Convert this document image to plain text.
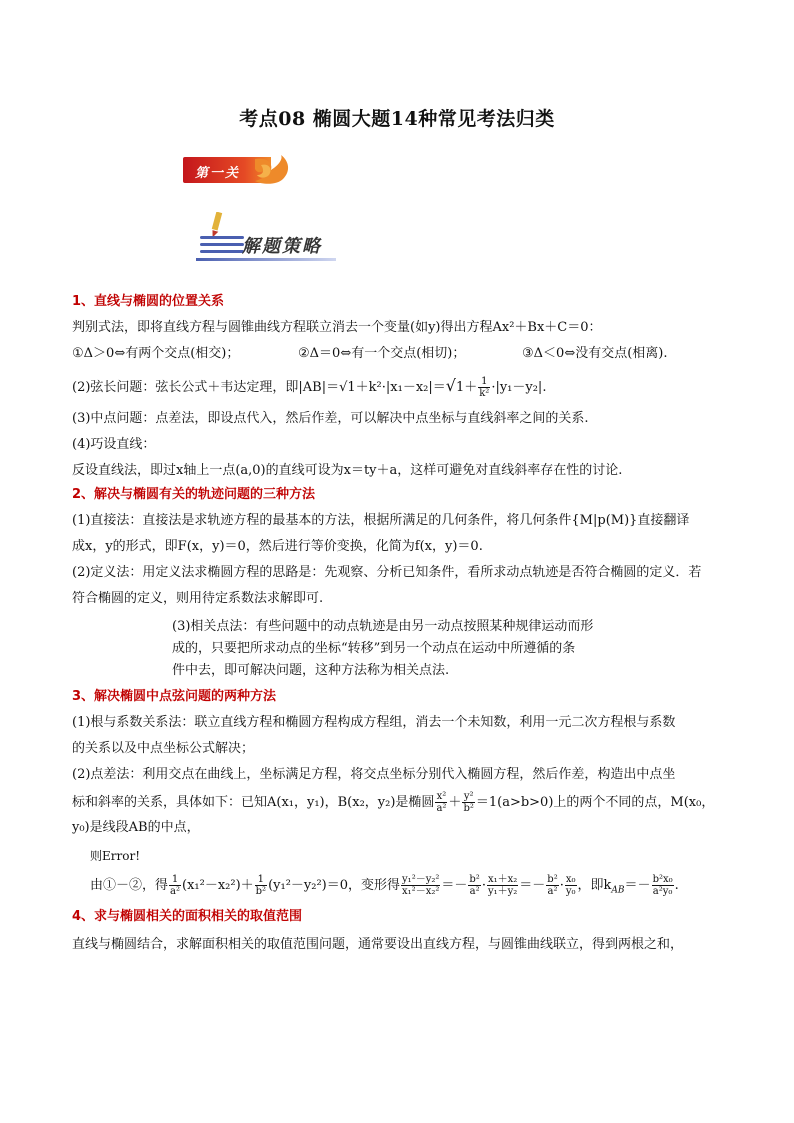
考点08 椭圆大题14种常见考法归类
第一关
解题策略

1、直线与椭圆的位置关系

判别式法，即将直线方程与圆锥曲线方程联立消去一个变量(如y)得出方程Ax²＋Bx＋C＝0：

①Δ＞0⇔有两个交点(相交)；	②Δ＝0⇔有一个交点(相切)；	③Δ＜0⇔没有交点(相离).

(2)弦长问题：弦长公式＋韦达定理，即$|AB|=√1+k^2\cdot|x_1-x_2|=√1+ \frac{1}{\text{k²}} \cdot|y_1-y_2|$.

(3)中点问题：点差法，即设点代入，然后作差，可以解决中点坐标与直线斜率之间的关系.

(4)巧设直线：

反设直线法，即过x轴上一点(a,0)的直线可设为x＝ty＋a，这样可避免对直线斜率存在性的讨论.

2、解决与椭圆有关的轨迹问题的三种方法

(1)直接法：直接法是求轨迹方程的最基本的方法，根据所满足的几何条件，将几何条件{M|p(M)}直接翻译

成x，y的形式，即F(x，y)＝0，然后进行等价变换，化简为f(x，y)＝0.

(2)定义法：用定义法求椭圆方程的思路是：先观察、分析已知条件，看所求动点轨迹是否符合椭圆的定义．若

符合椭圆的定义，则用待定系数法求解即可.

(3)相关点法：有些问题中的动点轨迹是由另一动点按照某种规律运动而形

成的，只要把所求动点的坐标“转移”到另一个动点在运动中所遵循的条

件中去，即可解决问题，这种方法称为相关点法.

3、解决椭圆中点弦问题的两种方法

(1)根与系数关系法：联立直线方程和椭圆方程构成方程组，消去一个未知数，利用一元二次方程根与系数

的关系以及中点坐标公式解决；

(2)点差法：利用交点在曲线上，坐标满足方程，将交点坐标分别代入椭圆方程，然后作差，构造出中点坐

标和斜率的关系，具体如下：已知A(x₁，y₁)，B(x₂，y₂)是椭圆 $\frac{\text{x²}}{\text{a²}} + \frac{\text{y²}}{\text{b²}} =1(a>b>0)$上的两个不同的点，M(x₀，

y₀)是线段AB的中点，

则Error!

由①－②，得 $\frac{1}{\text{a²}} (x_1^2-x_2^2)+ \frac{1}{\text{b²}} (y_1^2-y_2^2)=0$，变形得 $\frac{\text{y₁²－y₂²}}{\text{x₁²－x₂²}} =- \frac{\text{b²}}{\text{a²}} \cdot \frac{\text{x₁＋x₂}}{\text{y₁＋y₂}} =- \frac{\text{b²}}{\text{a²}} \cdot \frac{\text{x₀}}{\text{y₀}}$ ，即$k_{AB}=- \frac{\text{b²x₀}}{\text{a²y₀}}$ .

4、求与椭圆相关的面积相关的取值范围

直线与椭圆结合，求解面积相关的取值范围问题，通常要设出直线方程，与圆锥曲线联立，得到两根之和，
